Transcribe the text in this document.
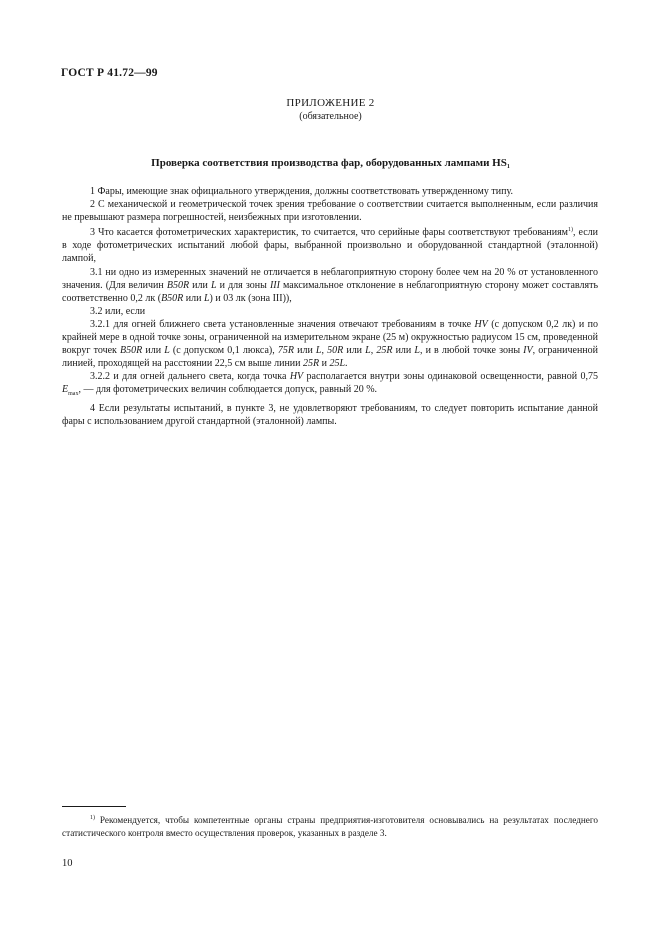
ГОСТ Р 41.72—99
ПРИЛОЖЕНИЕ 2
(обязательное)
Проверка соответствия производства фар, оборудованных лампами $HS_1$

1 Фары, имеющие знак официального утверждения, должны соответствовать утвержденному типу.

2 С механической и геометрической точек зрения требование о соответствии считается выполненным, если различия не превышают размера погрешностей, неизбежных при изготовлении.

3 Что касается фотометрических характеристик, то считается, что серийные фары соответствуют требованиям$^{1)}$, если в ходе фотометрических испытаний любой фары, выбранной произвольно и оборудованной стандартной (эталонной) лампой,

3.1 ни одно из измеренных значений не отличается в неблагоприятную сторону более чем на 20 % от установленного значения. (Для величин B50R или L и для зоны III максимальное отклонение в неблагоприятную сторону может составлять соответственно 0,2 лк (B50R или L) и 03 лк (зона III)),

3.2 или, если

3.2.1 для огней ближнего света установленные значения отвечают требованиям в точке HV (с допуском 0,2 лк) и по крайней мере в одной точке зоны, ограниченной на измерительном экране (25 м) окружностью радиусом 15 см, проведенной вокруг точек B50R или L (с допуском 0,1 люкса), 75R или L, 50R или L, 25R или L, и в любой точке зоны IV, ограниченной линией, проходящей на расстоянии 22,5 см выше линии 25R и 25L.

3.2.2 и для огней дальнего света, когда точка HV располагается внутри зоны одинаковой освещенности, равной 0,75 $E_{max}$, — для фотометрических величин соблюдается допуск, равный 20 %.

4 Если результаты испытаний, в пункте 3, не удовлетворяют требованиям, то следует повторить испытание данной фары с использованием другой стандартной (эталонной) лампы.

$^{1)}$ Рекомендуется, чтобы компетентные органы страны предприятия-изготовителя основывались на результатах последнего статистического контроля вместо осуществления проверок, указанных в разделе 3.

10
